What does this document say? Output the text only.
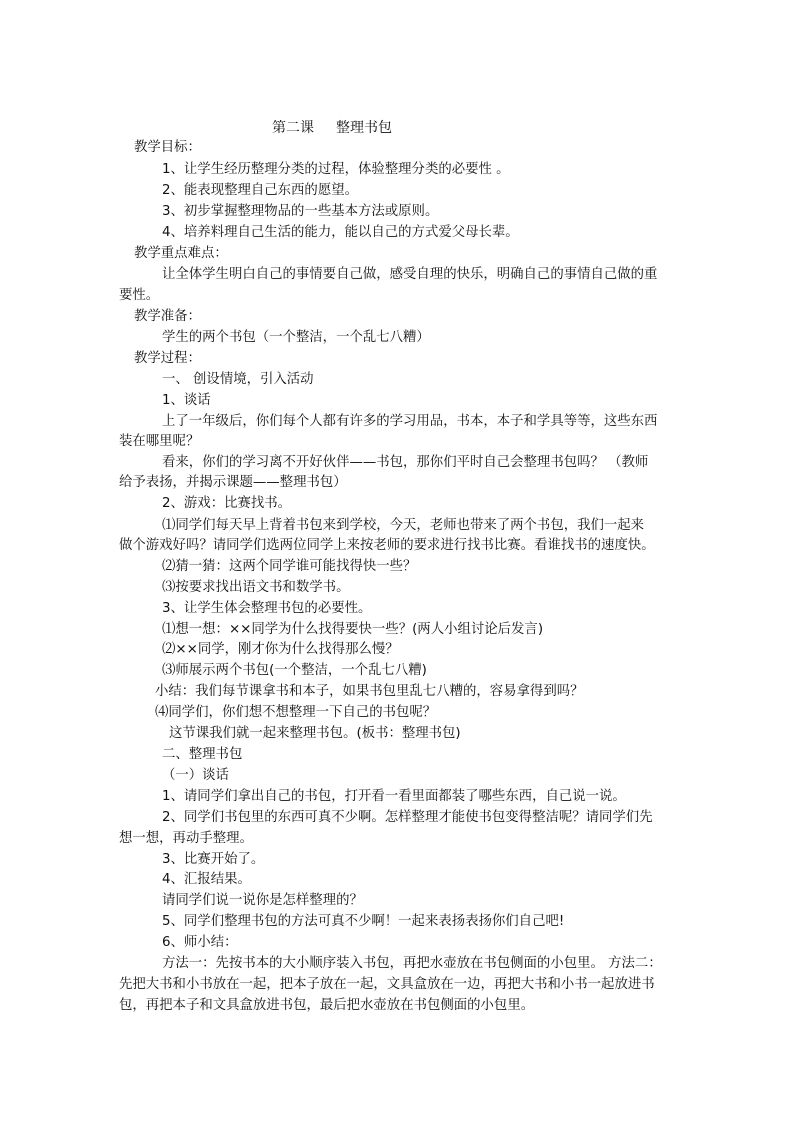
第二课 整理书包
教学目标：
1、让学生经历整理分类的过程，体验整理分类的必要性 。
2、能表现整理自己东西的愿望。
3、初步掌握整理物品的一些基本方法或原则。
4、培养料理自己生活的能力，能以自己的方式爱父母长辈。
教学重点难点：
让全体学生明白自己的事情要自己做，感受自理的快乐，明确自己的事情自己做的重
要性。
教学准备：
学生的两个书包（一个整洁，一个乱七八糟）
教学过程：
一、 创设情境，引入活动
1、谈话
上了一年级后，你们每个人都有许多的学习用品，书本，本子和学具等等，这些东西
装在哪里呢？
看来，你们的学习离不开好伙伴——书包，那你们平时自己会整理书包吗？ （教师
给予表扬，并揭示课题——整理书包）
2、游戏：比赛找书。
⑴同学们每天早上背着书包来到学校，今天，老师也带来了两个书包，我们一起来
做个游戏好吗？请同学们选两位同学上来按老师的要求进行找书比赛。看谁找书的速度快。
⑵猜一猜：这两个同学谁可能找得快一些？
⑶按要求找出语文书和数学书。
3、让学生体会整理书包的必要性。
⑴想一想：××同学为什么找得要快一些？(两人小组讨论后发言)
⑵××同学，刚才你为什么找得那么慢？
⑶师展示两个书包(一个整洁，一个乱七八糟)
小结：我们每节课拿书和本子，如果书包里乱七八糟的，容易拿得到吗？
⑷同学们，你们想不想整理一下自己的书包呢？
这节课我们就一起来整理书包。(板书：整理书包)
二、整理书包
（一）谈话
1、请同学们拿出自己的书包，打开看一看里面都装了哪些东西，自己说一说。
2、同学们书包里的东西可真不少啊。怎样整理才能使书包变得整洁呢？请同学们先
想一想，再动手整理。
3、比赛开始了。
4、汇报结果。
请同学们说一说你是怎样整理的？
5、同学们整理书包的方法可真不少啊！一起来表扬表扬你们自己吧!
6、师小结：
方法一：先按书本的大小顺序装入书包，再把水壶放在书包侧面的小包里。 方法二：
先把大书和小书放在一起，把本子放在一起，文具盒放在一边，再把大书和小书一起放进书
包，再把本子和文具盒放进书包，最后把水壶放在书包侧面的小包里。
